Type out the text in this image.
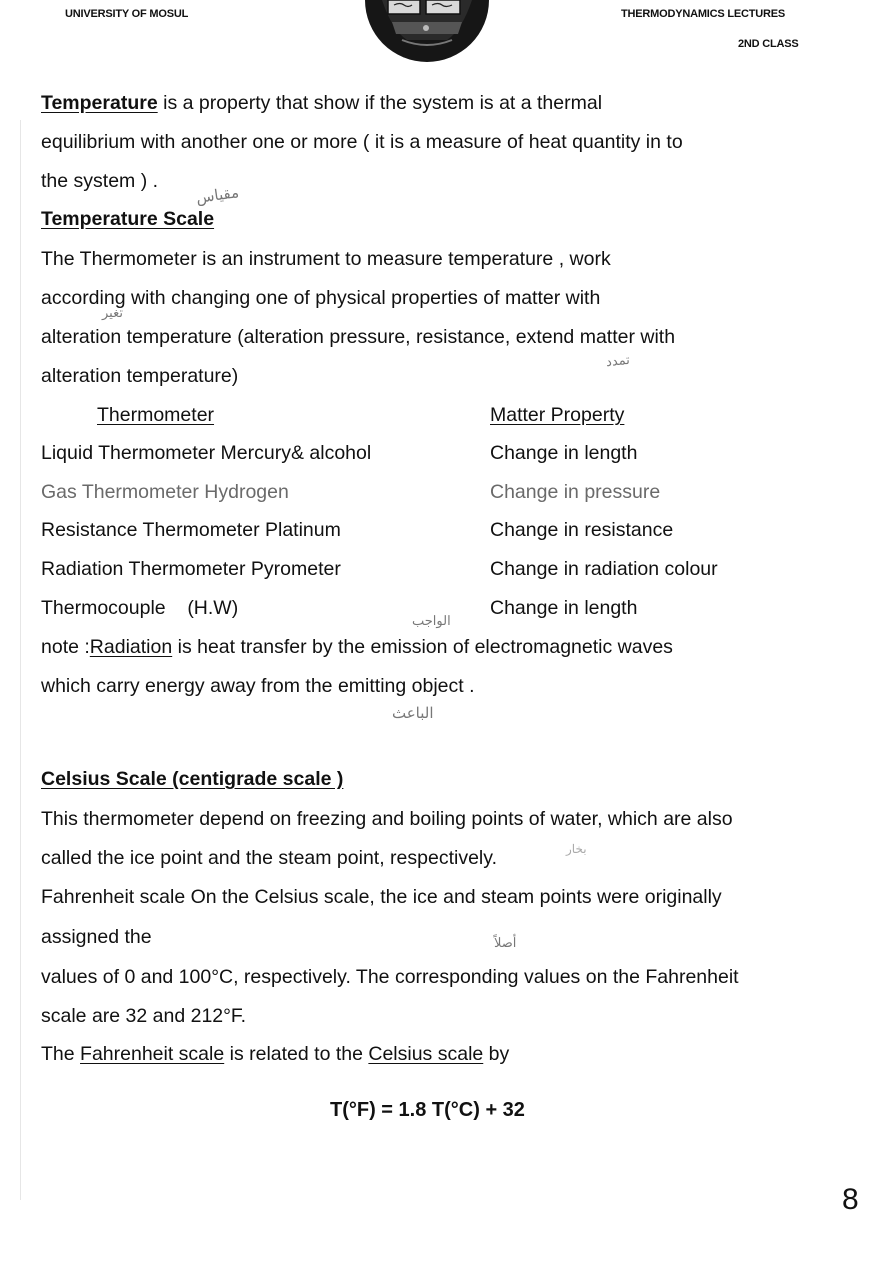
UNIVERSITY OF MOSUL	THERMODYNAMICS LECTURES
2ND CLASS
Temperature is a property that show if the system is at a thermal
equilibrium with another one or more ( it is a measure of heat quantity in to
the system ) .
Temperature Scale
مقياس
The Thermometer is an instrument to measure temperature , work
according with changing one of physical properties of matter with
تغير
alteration temperature (alteration pressure, resistance, extend matter with
تمدد
alteration temperature)
Thermometer	Matter Property
Liquid Thermometer Mercury& alcohol	Change in length
Gas Thermometer Hydrogen	Change in pressure
Resistance Thermometer Platinum	Change in resistance
Radiation Thermometer Pyrometer	Change in radiation colour
Thermocouple    (H.W)	Change in length
الواجب
note :Radiation is heat transfer by the emission of electromagnetic waves
which carry energy away from the emitting object .
الباعث
Celsius Scale (centigrade scale )
This thermometer depend on freezing and boiling points of water, which are also
called the ice point and the steam point, respectively.	بخار
Fahrenheit scale On the Celsius scale, the ice and steam points were originally
assigned the	أصلاً
values of 0 and 100°C, respectively. The corresponding values on the Fahrenheit
scale are 32 and 212°F.
The Fahrenheit scale is related to the Celsius scale by
T(°F) = 1.8 T(°C) + 32
8
